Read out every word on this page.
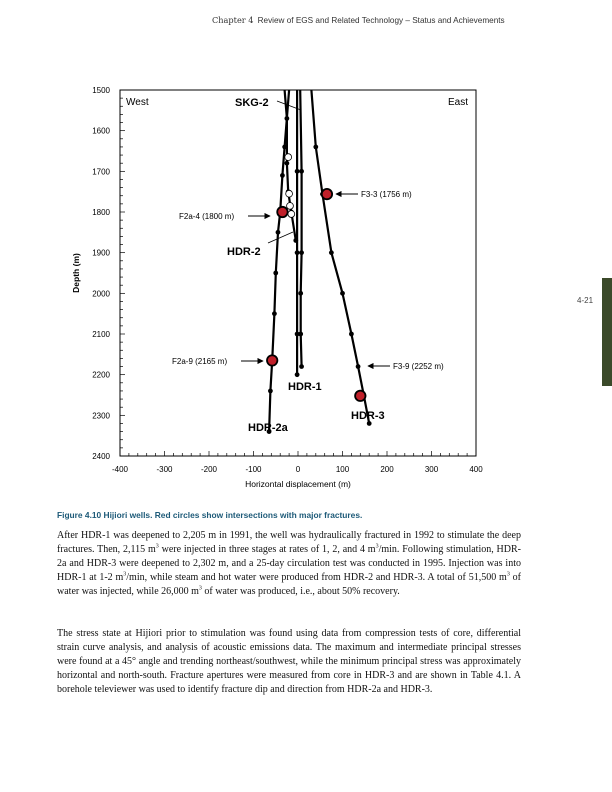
Chapter 4 Review of EGS and Related Technology – Status and Achievements
4-21
1500
1600
1700
1800
1900
2000
2100
2200
2300
2400
-400	-300	-200	-100	0	100	200	300	400
Depth (m)
Horizontal displacement (m)
West	East
SKG-2
HDR-2
HDR-1
HDR-3
HDR-2a
F2a-4 (1800 m)
F3-3 (1756 m)
F2a-9 (2165 m)
F3-9 (2252 m)
Figure 4.10 Hijiori wells. Red circles show intersections with major fractures.

After HDR-1 was deepened to 2,205 m in 1991, the well was hydraulically fractured in 1992 to stimulate the deep fractures. Then, 2,115 $m^3$ were injected in three stages at rates of 1, 2, and 4 $m^3/\min$. Following stimulation, HDR-2a and HDR-3 were deepened to 2,302 m, and a 25-day circulation test was conducted in 1995. Injection was into HDR-1 at 1-2 $m^3/\min$, while steam and hot water were produced from HDR-2 and HDR-3. A total of 51,500 $m^3$ of water was injected, while 26,000 $m^3$ of water was produced, i.e., about 50% recovery.

The stress state at Hijiori prior to stimulation was found using data from compression tests of core, differential strain curve analysis, and analysis of acoustic emissions data. The maximum and intermediate principal stresses were found at a 45° angle and trending northeast/southwest, while the minimum principal stress was approximately horizontal and north-south. Fracture apertures were measured from core in HDR-3 and are shown in Table 4.1. A borehole televiewer was used to identify fracture dip and direction from HDR-2a and HDR-3.
